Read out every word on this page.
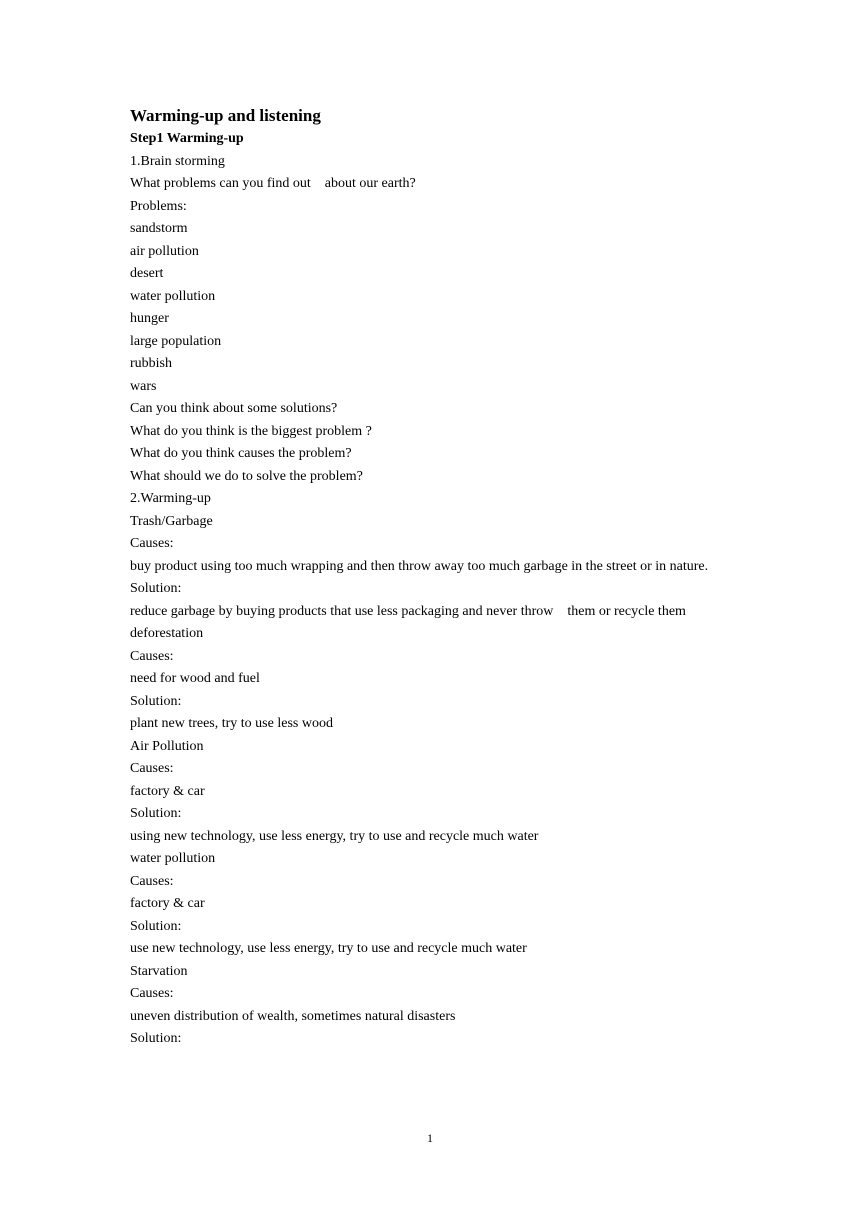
Warming-up and listening

Step1 Warming-up

1.Brain storming

What problems can you find out    about our earth?

Problems:

sandstorm

air pollution

desert

water pollution

hunger

large population

rubbish

wars

Can you think about some solutions?

What do you think is the biggest problem ?

What do you think causes the problem?

What should we do to solve the problem?

2.Warming-up

Trash/Garbage

Causes:

buy product using too much wrapping and then throw away too much garbage in the street or in nature.

Solution:

reduce garbage by buying products that use less packaging and never throw    them or recycle them

deforestation

Causes:

need for wood and fuel

Solution:

plant new trees, try to use less wood

Air Pollution

Causes:

factory & car

Solution:

using new technology, use less energy, try to use and recycle much water

water pollution

Causes:

factory & car

Solution:

use new technology, use less energy, try to use and recycle much water

Starvation

Causes:

uneven distribution of wealth, sometimes natural disasters

Solution:

1
